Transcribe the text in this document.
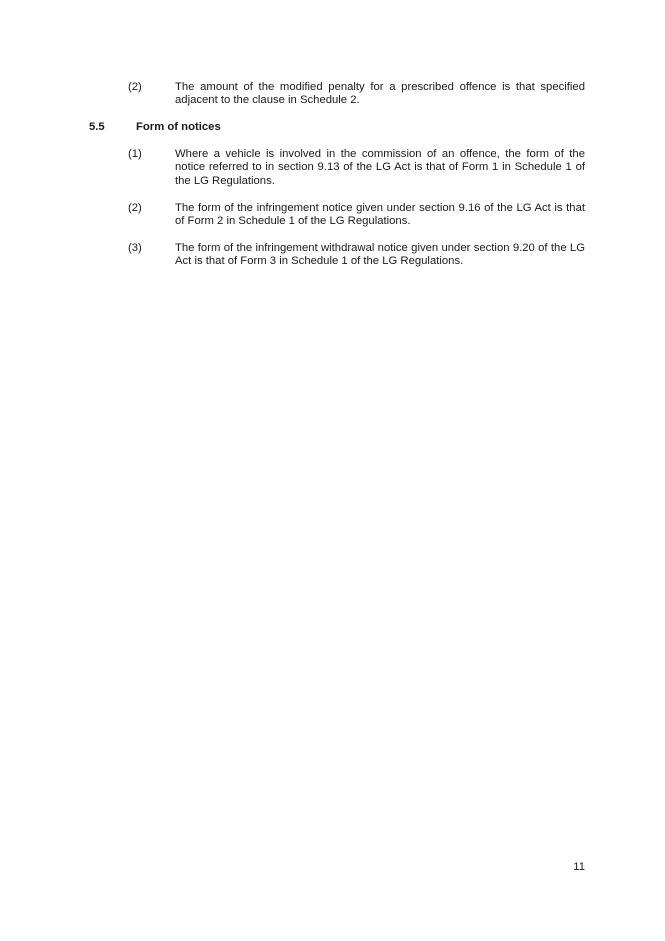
(2)	The amount of the modified penalty for a prescribed offence is that specified adjacent to the clause in Schedule 2.
5.5	Form of notices
(1)	Where a vehicle is involved in the commission of an offence, the form of the notice referred to in section 9.13 of the LG Act is that of Form 1 in Schedule 1 of the LG Regulations.
(2)	The form of the infringement notice given under section 9.16 of the LG Act is that of Form 2 in Schedule 1 of the LG Regulations.
(3)	The form of the infringement withdrawal notice given under section 9.20 of the LG Act is that of Form 3 in Schedule 1 of the LG Regulations.
11
